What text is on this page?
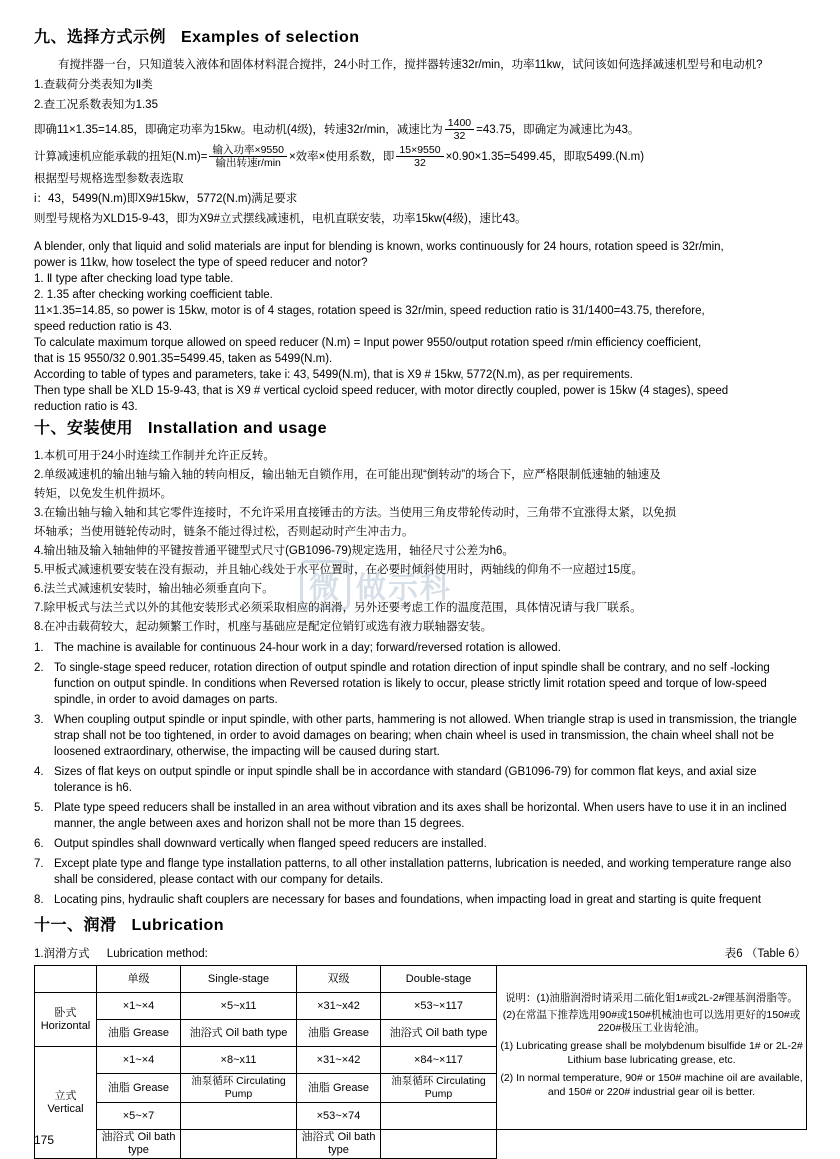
九、选择方式示例 Examples of selection

有搅拌器一台，只知道装入液体和固体材料混合搅拌，24小时工作，搅拌器转速32r/min，功率11kw，试问该如何选择减速机型号和电动机?

1.查载荷分类表知为Ⅱ类

2.查工况系数表知为1.35

即确11×1.35=14.85，即确定功率为15kw。电动机(4级)，转速32r/min，减速比为 $\frac{1400}{32} =43.75$，即确定为减速比为43。
计算减速机应能承载的扭矩$(N.m)= \frac{\text{输入功率×9550}}{\text{输出转速r/min}}$ ×效率×使用系数，即 $\frac{15\times 9550}{32} \times 0.90\times 1.35=5499.45$，即取5499.(N.m)

根据型号规格选型参数表选取

i：43，5499(N.m)即X9#15kw，5772(N.m)满足要求

则型号规格为XLD15-9-43，即为X9#立式摆线减速机，电机直联安装，功率15kw(4级)，速比43。

A blender, only that liquid and solid materials are input for blending is known, works continuously for 24 hours, rotation speed is 32r/min,

power is 11kw, how toselect the type of speed reducer and notor?

1. Ⅱ type after checking load type table.

2. 1.35 after checking working coefficient table.

11×1.35=14.85, so power is 15kw, motor is of 4 stages, rotation speed is 32r/min, speed reduction ratio is 31/1400=43.75, therefore,

speed reduction ratio is 43.

To calculate maximum torque allowed on speed reducer (N.m) = Input power 9550/output rotation speed r/min efficiency coefficient,

that is 15 9550/32 0.901.35=5499.45, taken as 5499(N.m).

According to table of types and parameters, take i: 43, 5499(N.m), that is X9 # 15kw, 5772(N.m), as per requirements.

Then type shall be XLD 15-9-43, that is X9 # vertical cycloid speed reducer, with motor directly coupled, power is 15kw (4 stages), speed

reduction ratio is 43.

十、安装使用 Installation and usage

1.本机可用于24小时连续工作制并允许正反转。

2.单级减速机的输出轴与输入轴的转向相反，输出轴无自锁作用，在可能出现“倒转动”的场合下，应严格限制低速轴的轴速及

转矩，以免发生机件损坏。

3.在输出轴与输入轴和其它零件连接时，不允许采用直接锤击的方法。当使用三角皮带轮传动时，三角带不宜涨得太紧，以免损

坏轴承；当使用链轮传动时，链条不能过得过松，否则起动时产生冲击力。

4.输出轴及输入轴轴伸的平键按普通平键型式尺寸(GB1096-79)规定选用，轴径尺寸公差为h6。

5.甲板式减速机要安装在没有振动，并且轴心线处于水平位置时，在必要时倾斜使用时，两轴线的仰角不一应超过15度。

6.法兰式减速机安装时，输出轴必须垂直向下。

7.除甲板式与法兰式以外的其他安装形式必须采取相应的润滑，另外还要考虑工作的温度范围，具体情况请与我厂联系。

8.在冲击载荷较大，起动频繁工作时，机座与基础应是配定位销钉或选有液力联轴器安装。

1. The machine is available for continuous 24-hour work in a day; forward/reversed rotation is allowed.
2. To single-stage speed reducer, rotation direction of output spindle and rotation direction of input spindle shall be contrary, and no self -locking function on output spindle. In conditions when Reversed rotation is likely to occur, please strictly limit rotation speed and torque of low-speed spindle, in order to avoid damages on parts.
3. When coupling output spindle or input spindle, with other parts, hammering is not allowed. When triangle strap is used in transmission, the triangle strap shall not be too tightened, in order to avoid damages on bearing; when chain wheel is used in transmission, the chain wheel shall not be loosened extraordinary, otherwise, the impacting will be caused during start.
4. Sizes of flat keys on output spindle or input spindle shall be in accordance with standard (GB1096-79) for common flat keys, and axial size tolerance is h6.
5. Plate type speed reducers shall be installed in an area without vibration and its axes shall be horizontal. When users have to use it in an inclined manner, the angle between axes and horizon shall not be more than 15 degrees.
6. Output spindles shall downward vertically when flanged speed reducers are installed.
7. Except plate type and flange type installation patterns, to all other installation patterns, lubrication is needed, and working temperature range also shall be considered, please contact with our company for details.
8. Locating pins, hydraulic shaft couplers are necessary for bases and foundations, when impacting load in great and starting is quite frequent
十一、润滑 Lubrication
1.润滑方式 Lubrication method:	表6 （Table 6）
	单级	Single-stage	双级	Double-stage	说明：(1)油脂润滑时请采用二硫化钼1#或2L-2#锂基润滑脂等。

(2)在常温下推荐选用90#或150#机械油也可以选用更好的150#或220#极压工业齿轮油。

(1) Lubricating grease shall be molybdenum bisulfide 1# or 2L-2# Lithium base lubricating grease, etc.

(2) In normal temperature, 90# or 150# machine oil are available, and 150# or 220# industrial gear oil is better.

卧式
Horizontal	×1~×4	×5~x11	×31~x42	×53~×117	
	油脂 Grease	油浴式 Oil bath type	油脂 Grease	油浴式 Oil bath type	

立式
Vertical	×1~×4	×8~x11	×31~×42	×84~×117	
	油脂 Grease	油泵循环 Circulating Pump	油脂 Grease	油泵循环 Circulating Pump	
	×5~×7		×53~×74		
	油浴式 Oil bath type		油浴式 Oil bath type		
微 做示科
175
